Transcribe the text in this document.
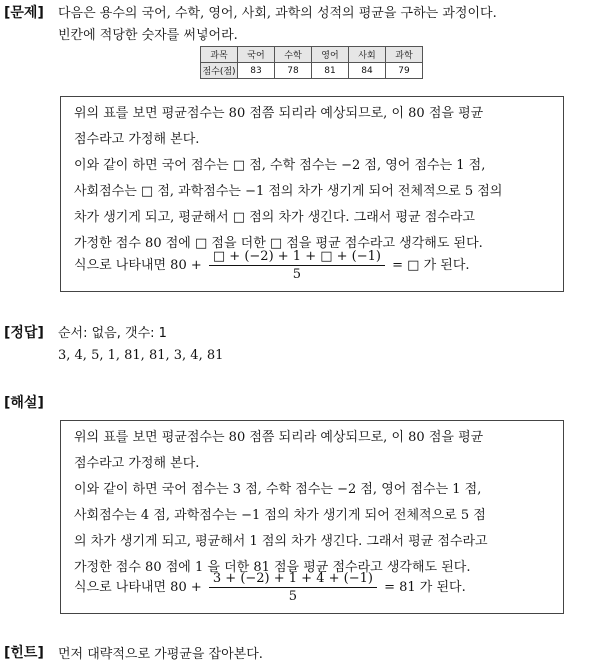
[문제] 다음은 용수의 국어, 수학, 영어, 사회, 과학의 성적의 평균을 구하는 과정이다.
빈칸에 적당한 숫자를 써넣어라.
과목	국어	수학	영어	사회	과학
점수(점)	83	78	81	84	79
위의 표를 보면 평균점수는 80 점쯤 되리라 예상되므로, 이 80 점을 평균
점수라고 가정해 본다.
이와 같이 하면 국어 점수는 □ 점, 수학 점수는 −2 점, 영어 점수는 1 점,
사회점수는 □ 점, 과학점수는 −1 점의 차가 생기게 되어 전체적으로 5 점의
차가 생기게 되고, 평균해서 □ 점의 차가 생긴다. 그래서 평균 점수라고
가정한 점수 80 점에 □ 점을 더한 □ 점을 평균 점수라고 생각해도 된다.
식으로 나타내면 $80 + \frac{□ + (-2) + 1 + □ + (-1)}{5}$ = □ 가 된다.
[정답] 순서: 없음, 갯수: 1
3, 4, 5, 1, 81, 81, 3, 4, 81
[해설]
위의 표를 보면 평균점수는 80 점쯤 되리라 예상되므로, 이 80 점을 평균
점수라고 가정해 본다.
이와 같이 하면 국어 점수는 3 점, 수학 점수는 −2 점, 영어 점수는 1 점,
사회점수는 4 점, 과학점수는 −1 점의 차가 생기게 되어 전체적으로 5 점
의 차가 생기게 되고, 평균해서 1 점의 차가 생긴다. 그래서 평균 점수라고
가정한 점수 80 점에 1 을 더한 81 점을 평균 점수라고 생각해도 된다.
식으로 나타내면 $80 + \frac{3 + (-2) + 1 + 4 + (-1)}{5} = 81$ 가 된다.
[힌트] 먼저 대략적으로 가평균을 잡아본다.
